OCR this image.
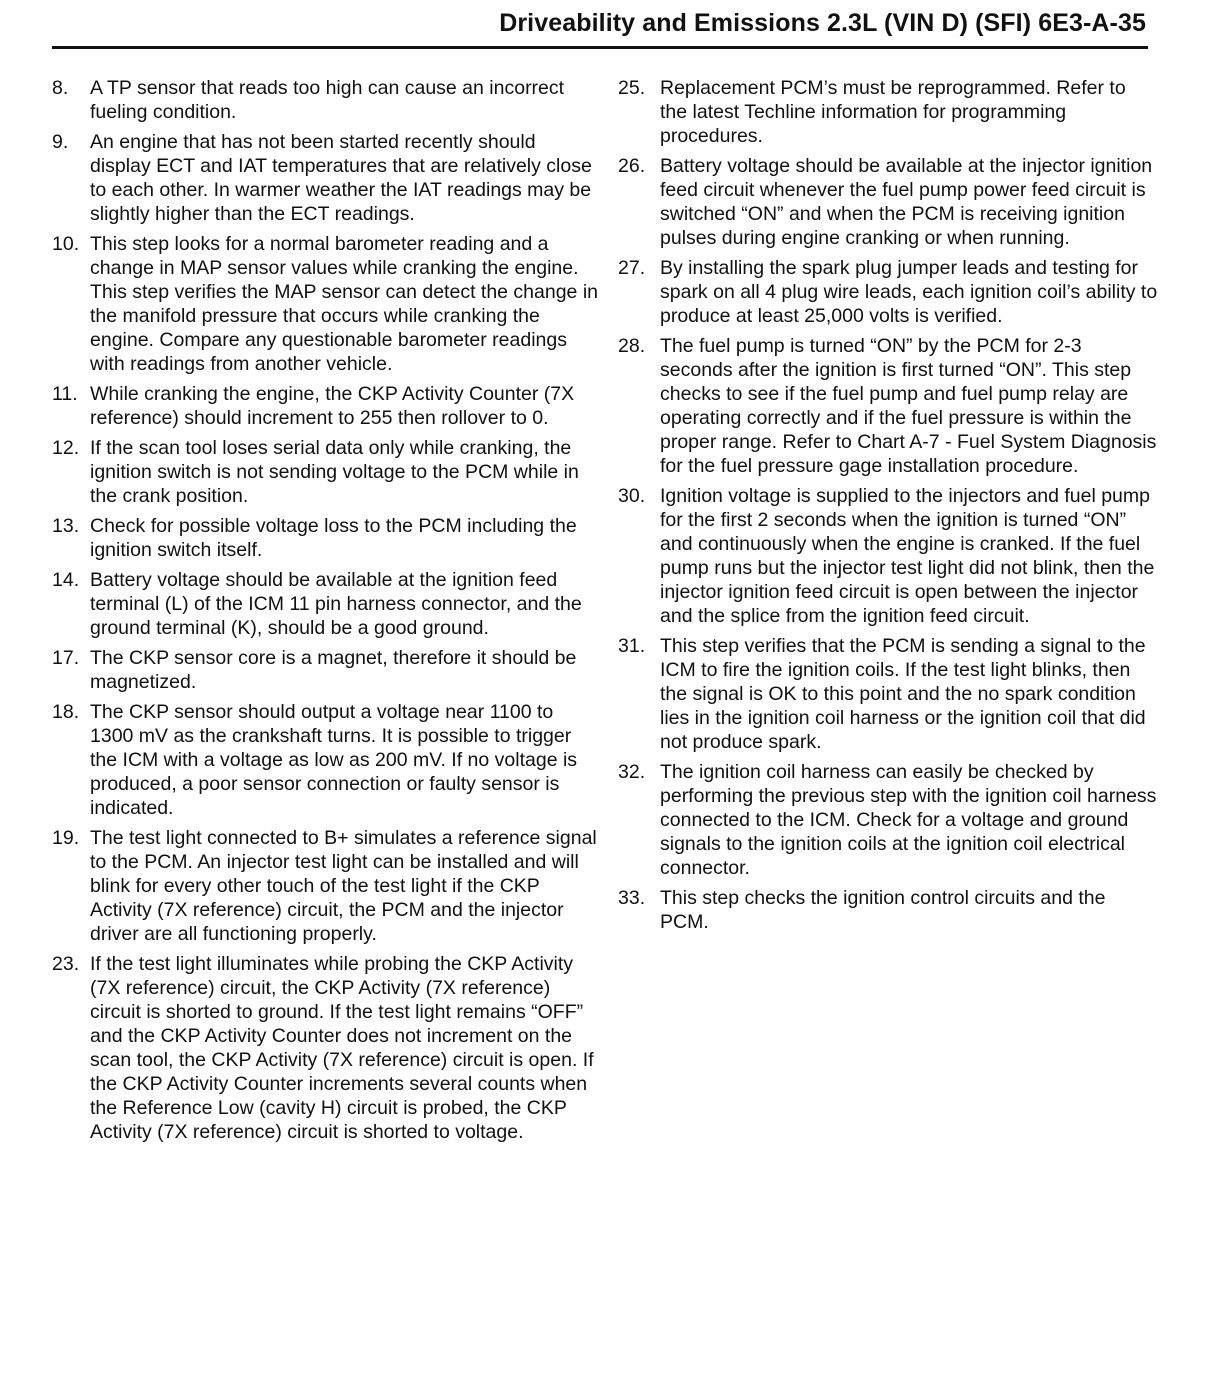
Driveability and Emissions 2.3L (VIN D) (SFI) 6E3-A-35
8.	A TP sensor that reads too high can cause an incorrect fueling condition.
9.	An engine that has not been started recently should display ECT and IAT temperatures that are relatively close to each other. In warmer weather the IAT readings may be slightly higher than the ECT readings.
10. This step looks for a normal barometer reading and a change in MAP sensor values while cranking the engine. This step verifies the MAP sensor can detect the change in the manifold pressure that occurs while cranking the engine. Compare any questionable barometer readings with readings from another vehicle.
11. While cranking the engine, the CKP Activity Counter (7X reference) should increment to 255 then rollover to 0.
12. If the scan tool loses serial data only while cranking, the ignition switch is not sending voltage to the PCM while in the crank position.
13. Check for possible voltage loss to the PCM including the ignition switch itself.
14. Battery voltage should be available at the ignition feed terminal (L) of the ICM 11 pin harness connector, and the ground terminal (K), should be a good ground.
17. The CKP sensor core is a magnet, therefore it should be magnetized.
18. The CKP sensor should output a voltage near 1100 to 1300 mV as the crankshaft turns. It is possible to trigger the ICM with a voltage as low as 200 mV. If no voltage is produced, a poor sensor connection or faulty sensor is indicated.
19. The test light connected to B+ simulates a reference signal to the PCM. An injector test light can be installed and will blink for every other touch of the test light if the CKP Activity (7X reference) circuit, the PCM and the injector driver are all functioning properly.
23. If the test light illuminates while probing the CKP Activity (7X reference) circuit, the CKP Activity (7X reference) circuit is shorted to ground. If the test light remains “OFF” and the CKP Activity Counter does not increment on the scan tool, the CKP Activity (7X reference) circuit is open. If the CKP Activity Counter increments several counts when the Reference Low (cavity H) circuit is probed, the CKP Activity (7X reference) circuit is shorted to voltage.
25. Replacement PCM’s must be reprogrammed. Refer to the latest Techline information for programming procedures.
26. Battery voltage should be available at the injector ignition feed circuit whenever the fuel pump power feed circuit is switched “ON” and when the PCM is receiving ignition pulses during engine cranking or when running.
27. By installing the spark plug jumper leads and testing for spark on all 4 plug wire leads, each ignition coil’s ability to produce at least 25,000 volts is verified.
28. The fuel pump is turned “ON” by the PCM for 2-3 seconds after the ignition is first turned “ON”. This step checks to see if the fuel pump and fuel pump relay are operating correctly and if the fuel pressure is within the proper range. Refer to Chart A-7 - Fuel System Diagnosis for the fuel pressure gage installation procedure.
30. Ignition voltage is supplied to the injectors and fuel pump for the first 2 seconds when the ignition is turned “ON” and continuously when the engine is cranked. If the fuel pump runs but the injector test light did not blink, then the injector ignition feed circuit is open between the injector and the splice from the ignition feed circuit.
31. This step verifies that the PCM is sending a signal to the ICM to fire the ignition coils. If the test light blinks, then the signal is OK to this point and the no spark condition lies in the ignition coil harness or the ignition coil that did not produce spark.
32. The ignition coil harness can easily be checked by performing the previous step with the ignition coil harness connected to the ICM. Check for a voltage and ground signals to the ignition coils at the ignition coil electrical connector.
33. This step checks the ignition control circuits and the PCM.
